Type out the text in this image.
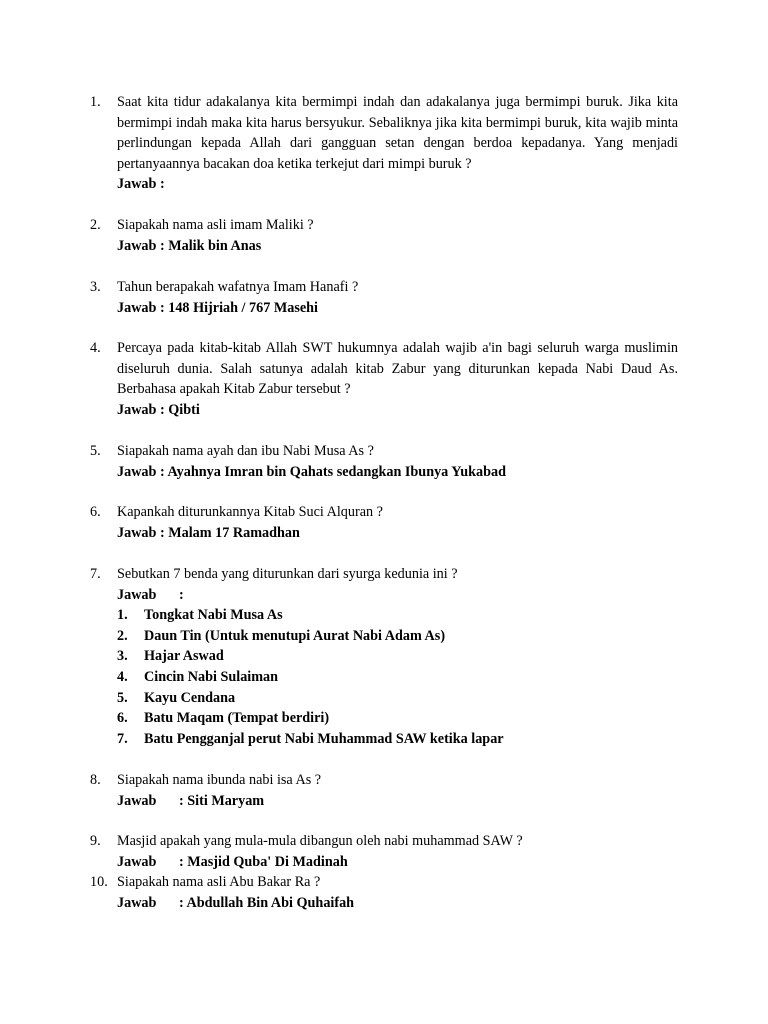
1.	Saat kita tidur adakalanya kita bermimpi indah dan adakalanya juga bermimpi buruk. Jika kita bermimpi indah maka kita harus bersyukur. Sebaliknya jika kita bermimpi buruk, kita wajib minta perlindungan kepada Allah dari gangguan setan dengan berdoa kepadanya. Yang menjadi pertanyaannya bacakan doa ketika terkejut dari mimpi buruk ?
Jawab :
2.	Siapakah nama asli imam Maliki ?
Jawab : Malik bin Anas
3.	Tahun berapakah wafatnya Imam Hanafi ?
Jawab : 148 Hijriah / 767 Masehi
4.	Percaya pada kitab-kitab Allah SWT hukumnya adalah wajib a'in bagi seluruh warga muslimin diseluruh dunia. Salah satunya adalah kitab Zabur yang diturunkan kepada Nabi Daud As. Berbahasa apakah Kitab Zabur tersebut ?
Jawab : Qibti
5.	Siapakah nama ayah dan ibu Nabi Musa As ?
Jawab : Ayahnya Imran bin Qahats sedangkan Ibunya Yukabad
6.	Kapankah diturunkannya Kitab Suci Alquran ?
Jawab : Malam 17 Ramadhan
7.	Sebutkan 7 benda yang diturunkan dari syurga kedunia ini ?
Jawab :
1.	Tongkat Nabi Musa As
2.	Daun Tin (Untuk menutupi Aurat Nabi Adam As)
3.	Hajar Aswad
4.	Cincin Nabi Sulaiman
5.	Kayu Cendana
6.	Batu Maqam (Tempat berdiri)
7.	Batu Pengganjal perut Nabi Muhammad SAW ketika lapar
8.	Siapakah nama ibunda nabi isa As ?
Jawab : Siti Maryam
9.	Masjid apakah yang mula-mula dibangun oleh nabi muhammad SAW ?
Jawab : Masjid Quba' Di Madinah
10. Siapakah nama asli Abu Bakar Ra ?
Jawab : Abdullah Bin Abi Quhaifah
